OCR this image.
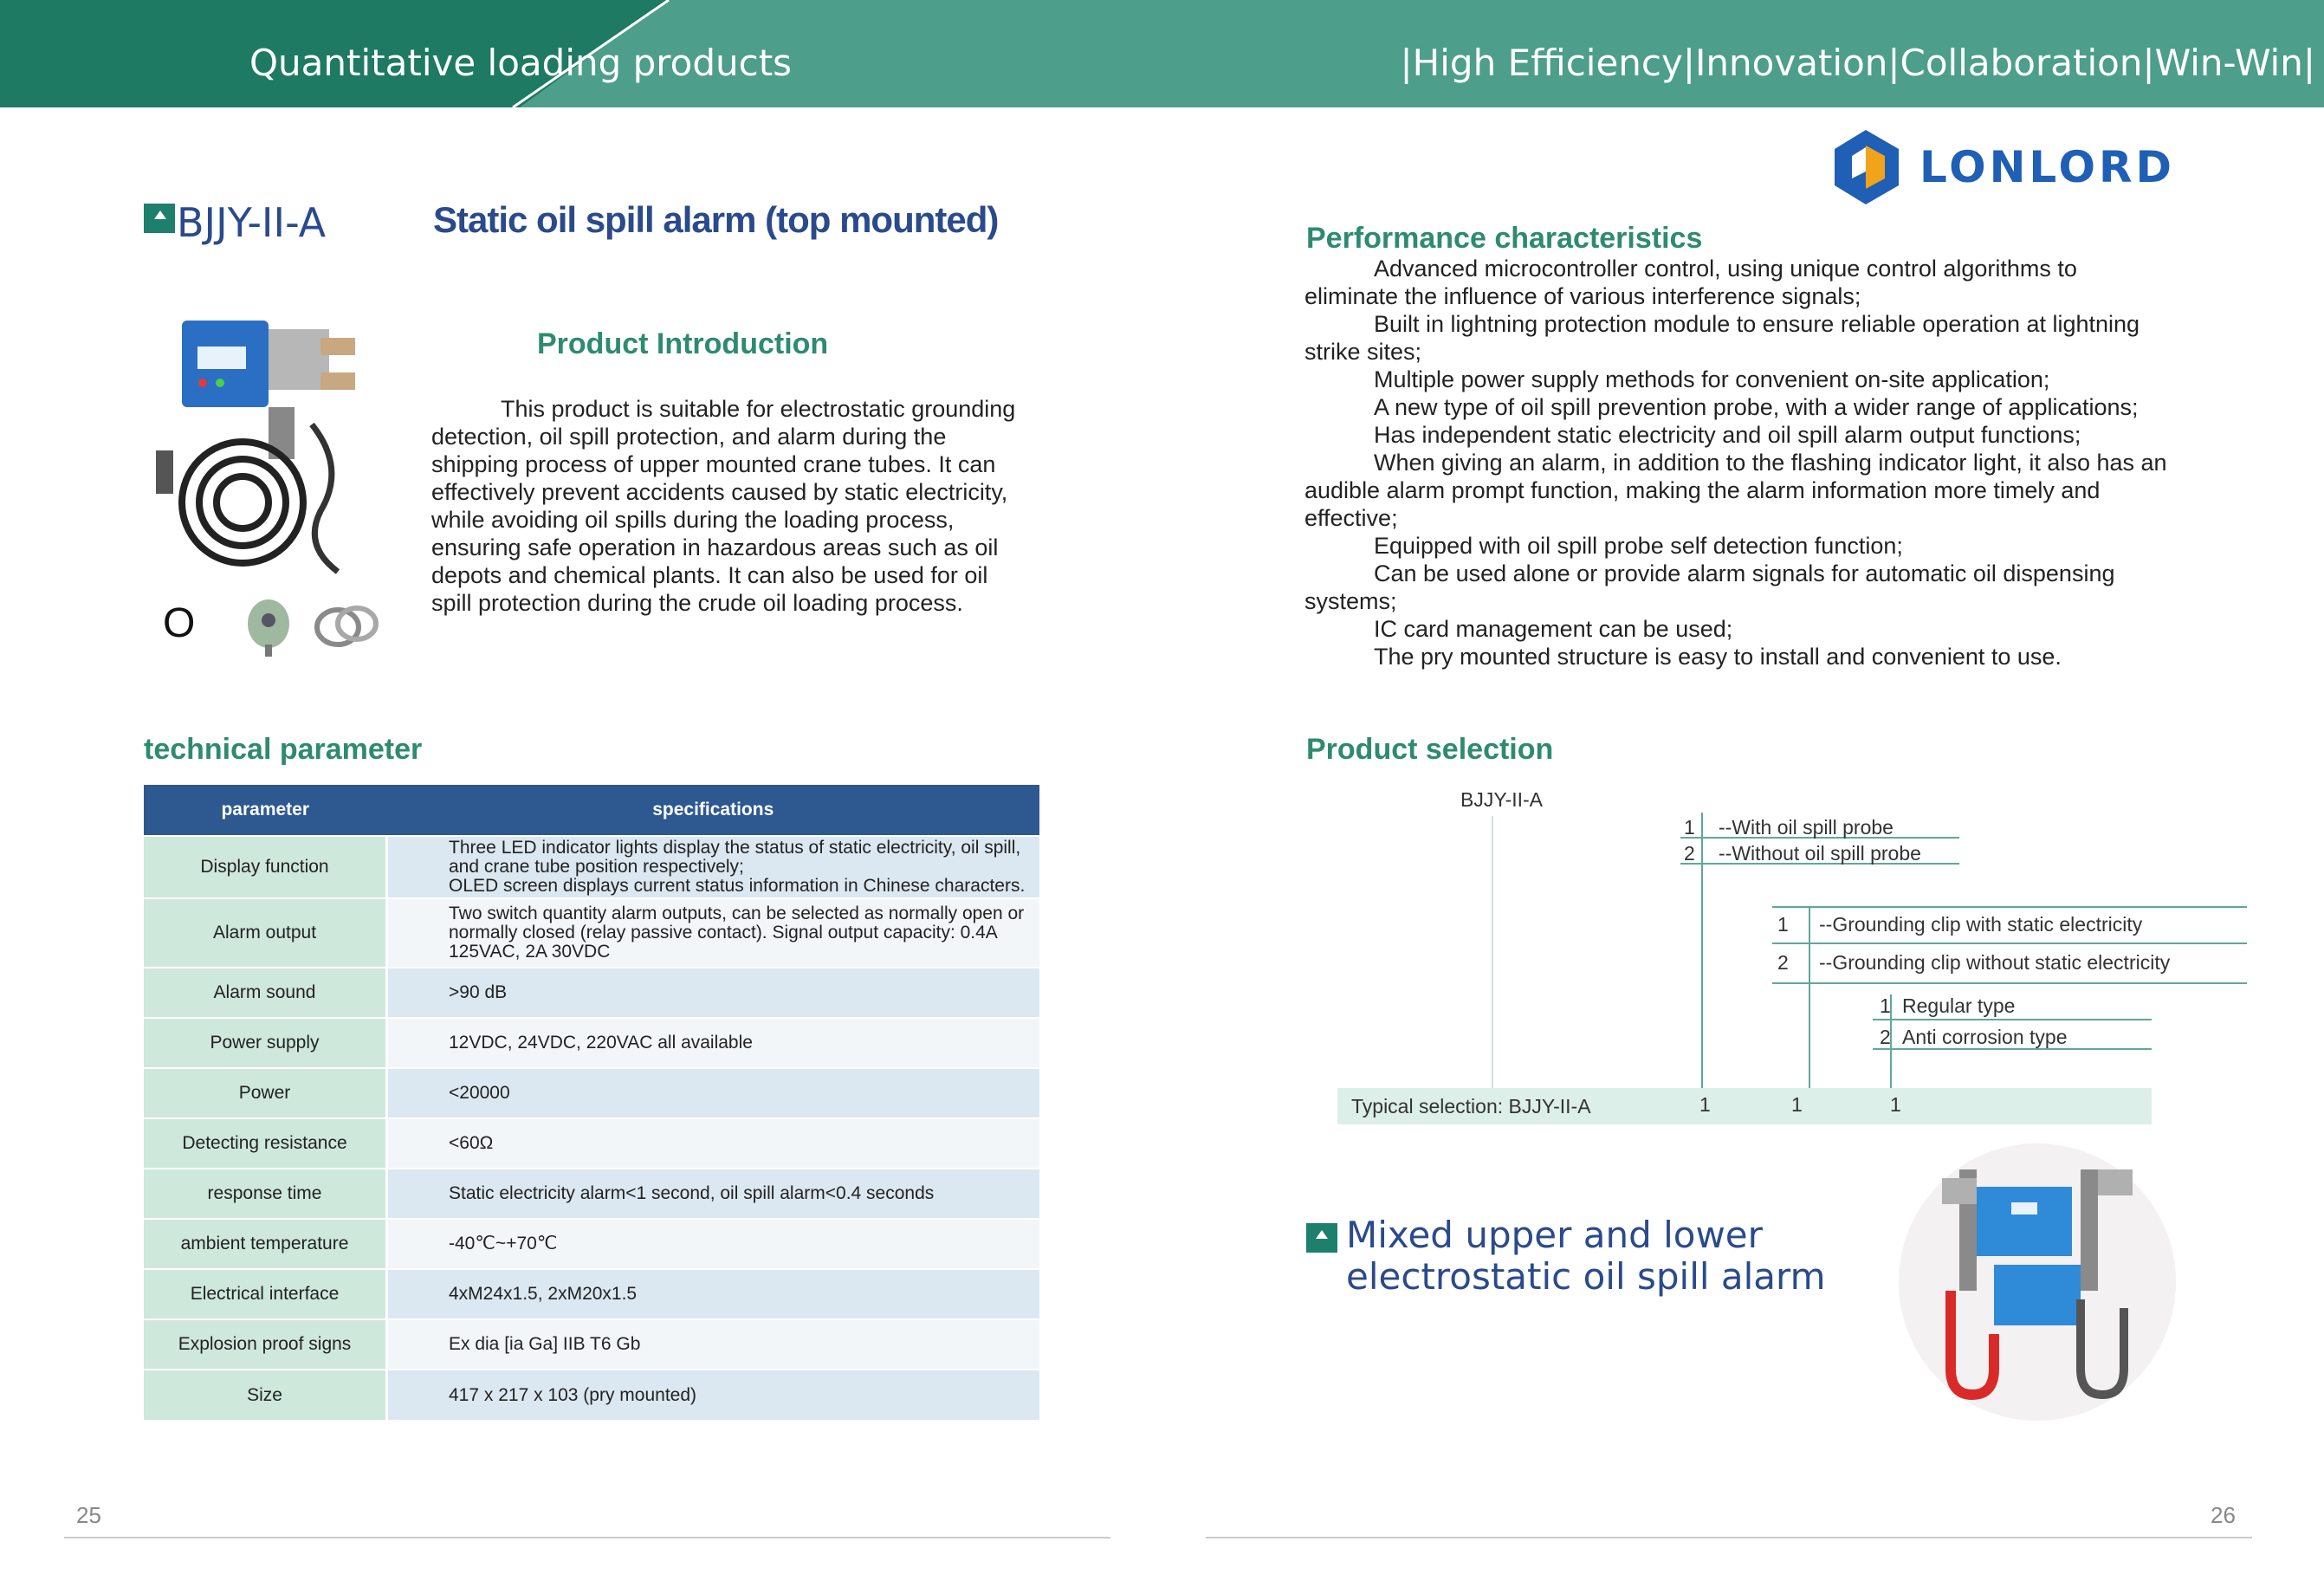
Quantitative loading products	|High Efficiency|Innovation|Collaboration|Win-Win|
BJJY-II-A	Static oil spill alarm (top mounted)
O
Product Introduction
This product is suitable for electrostatic grounding detection, oil spill protection, and alarm during the shipping process of upper mounted crane tubes. It can effectively prevent accidents caused by static electricity, while avoiding oil spills during the loading process, ensuring safe operation in hazardous areas such as oil depots and chemical plants. It can also be used for oil spill protection during the crude oil loading process.
technical parameter
parameter	specifications
Display function	Three LED indicator lights display the status of static electricity, oil spill, and crane tube position respectively;
OLED screen displays current status information in Chinese characters.

Alarm output	Two switch quantity alarm outputs, can be selected as normally open or normally closed (relay passive contact). Signal output capacity: 0.4A 125VAC, 2A 30VDC

Alarm sound	>90 dB

Power supply	12VDC, 24VDC, 220VAC all available

Power	<20000

Detecting resistance	<60Ω

response time	Static electricity alarm<1 second, oil spill alarm<0.4 seconds

ambient temperature	-40℃~+70℃

Electrical interface	4xM24x1.5, 2xM20x1.5

Explosion proof signs	Ex dia [ia Ga] IIB T6 Gb

Size	417 x 217 x 103 (pry mounted)
25
LONLORD
Performance characteristics

Advanced microcontroller control, using unique control algorithms to eliminate the influence of various interference signals;

Built in lightning protection module to ensure reliable operation at lightning strike sites;

Multiple power supply methods for convenient on-site application;

A new type of oil spill prevention probe, with a wider range of applications;

Has independent static electricity and oil spill alarm output functions;

When giving an alarm, in addition to the flashing indicator light, it also has an audible alarm prompt function, making the alarm information more timely and effective;

Equipped with oil spill probe self detection function;

Can be used alone or provide alarm signals for automatic oil dispensing systems;

IC card management can be used;

The pry mounted structure is easy to install and convenient to use.

Product selection
BJJY-II-A
1 --With oil spill probe
2 --Without oil spill probe
1 --Grounding clip with static electricity
2 --Grounding clip without static electricity
1 Regular type
2 Anti corrosion type
Typical selection: BJJY-II-A	1	1	1
Mixed upper and lower
electrostatic oil spill alarm
26
